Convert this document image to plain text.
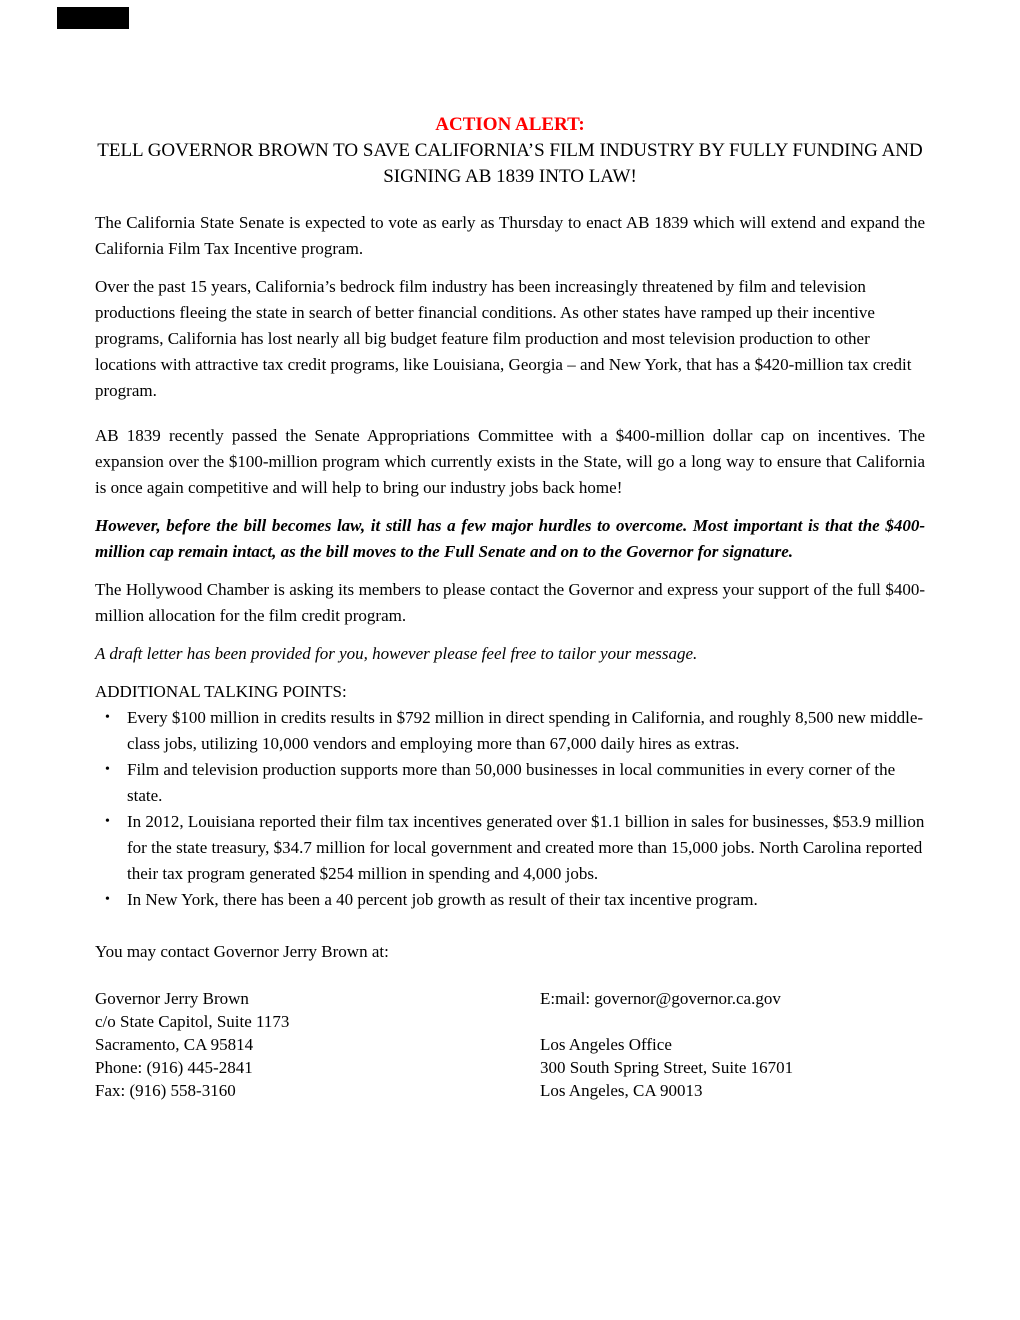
ACTION ALERT:
TELL GOVERNOR BROWN TO SAVE CALIFORNIA’S FILM INDUSTRY BY FULLY FUNDING AND SIGNING AB 1839 INTO LAW!

The California State Senate is expected to vote as early as Thursday to enact AB 1839 which will extend and expand the California Film Tax Incentive program.

Over the past 15 years, California’s bedrock film industry has been increasingly threatened by film and television productions fleeing the state in search of better financial conditions. As other states have ramped up their incentive programs, California has lost nearly all big budget feature film production and most television production to other locations with attractive tax credit programs, like Louisiana, Georgia – and New York, that has a $420-million tax credit program.

AB 1839 recently passed the Senate Appropriations Committee with a $400-million dollar cap on incentives. The expansion over the $100-million program which currently exists in the State, will go a long way to ensure that California is once again competitive and will help to bring our industry jobs back home!

However, before the bill becomes law, it still has a few major hurdles to overcome. Most important is that the $400-million cap remain intact, as the bill moves to the Full Senate and on to the Governor for signature.

The Hollywood Chamber is asking its members to please contact the Governor and express your support of the full $400-million allocation for the film credit program.

A draft letter has been provided for you, however please feel free to tailor your message.

ADDITIONAL TALKING POINTS:
• Every $100 million in credits results in $792 million in direct spending in California, and roughly 8,500 new middle-class jobs, utilizing 10,000 vendors and employing more than 67,000 daily hires as extras.
• Film and television production supports more than 50,000 businesses in local communities in every corner of the state.
• In 2012, Louisiana reported their film tax incentives generated over $1.1 billion in sales for businesses, $53.9 million for the state treasury, $34.7 million for local government and created more than 15,000 jobs. North Carolina reported their tax program generated $254 million in spending and 4,000 jobs.
• In New York, there has been a 40 percent job growth as result of their tax incentive program.

You may contact Governor Jerry Brown at:

Governor Jerry Brown
c/o State Capitol, Suite 1173
Sacramento, CA 95814
Phone: (916) 445-2841
Fax: (916) 558-3160
E:mail: governor@governor.ca.gov
Los Angeles Office
300 South Spring Street, Suite 16701
Los Angeles, CA 90013
